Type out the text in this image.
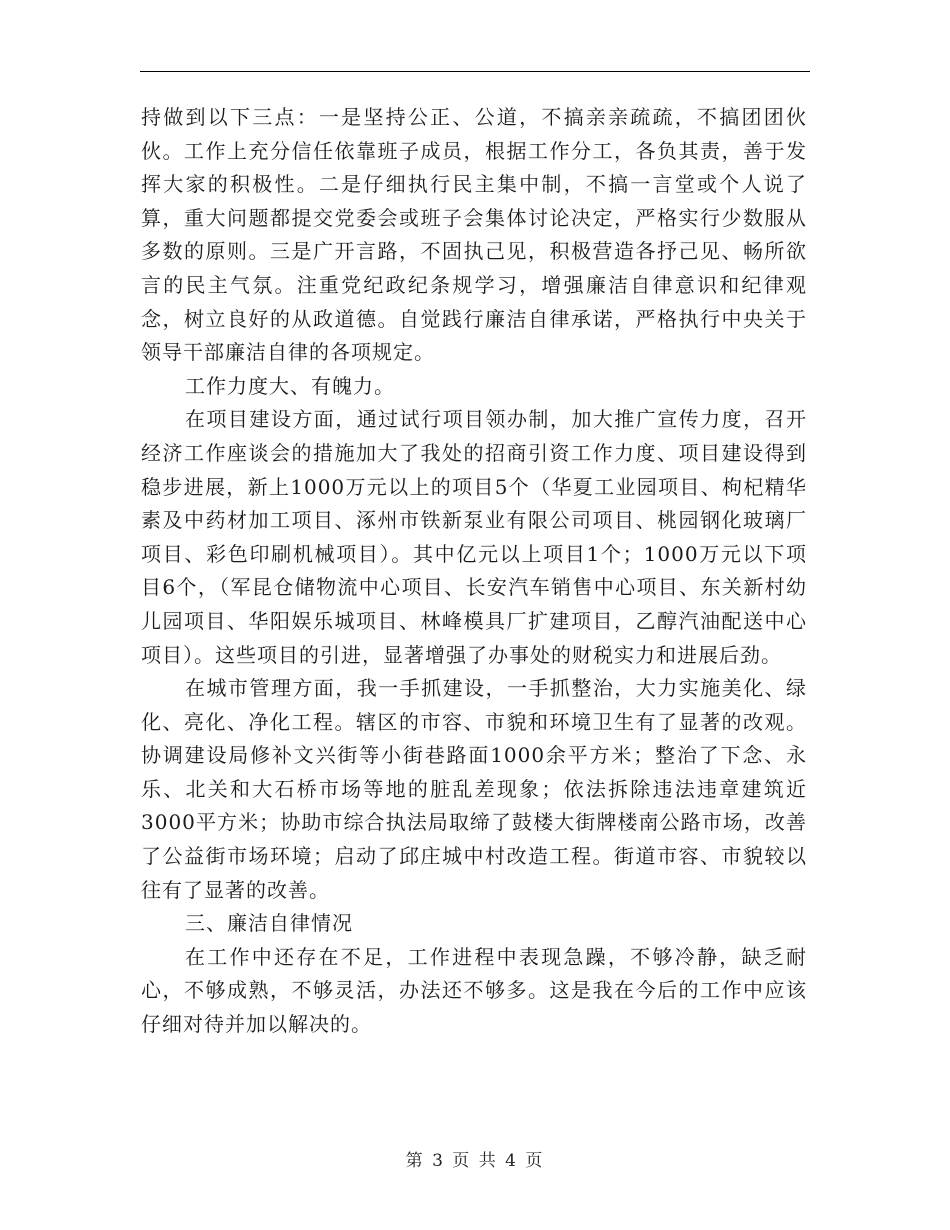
持做到以下三点：一是坚持公正、公道，不搞亲亲疏疏，不搞团团伙伙。工作上充分信任依靠班子成员，根据工作分工，各负其责，善于发挥大家的积极性。二是仔细执行民主集中制，不搞一言堂或个人说了算，重大问题都提交党委会或班子会集体讨论决定，严格实行少数服从多数的原则。三是广开言路，不固执己见，积极营造各抒己见、畅所欲言的民主气氛。注重党纪政纪条规学习，增强廉洁自律意识和纪律观念，树立良好的从政道德。自觉践行廉洁自律承诺，严格执行中央关于领导干部廉洁自律的各项规定。

工作力度大、有魄力。

在项目建设方面，通过试行项目领办制，加大推广宣传力度，召开经济工作座谈会的措施加大了我处的招商引资工作力度、项目建设得到稳步进展，新上1000万元以上的项目5个（华夏工业园项目、枸杞精华素及中药材加工项目、涿州市铁新泵业有限公司项目、桃园钢化玻璃厂项目、彩色印刷机械项目）。其中亿元以上项目1个；1000万元以下项目6个，（军昆仓储物流中心项目、长安汽车销售中心项目、东关新村幼儿园项目、华阳娱乐城项目、林峰模具厂扩建项目，乙醇汽油配送中心项目）。这些项目的引进，显著增强了办事处的财税实力和进展后劲。

在城市管理方面，我一手抓建设，一手抓整治，大力实施美化、绿化、亮化、净化工程。辖区的市容、市貌和环境卫生有了显著的改观。协调建设局修补文兴街等小街巷路面1000余平方米；整治了下念、永乐、北关和大石桥市场等地的脏乱差现象；依法拆除违法违章建筑近3000平方米；协助市综合执法局取缔了鼓楼大街牌楼南公路市场，改善了公益街市场环境；启动了邱庄城中村改造工程。街道市容、市貌较以往有了显著的改善。

三、廉洁自律情况

在工作中还存在不足，工作进程中表现急躁，不够冷静，缺乏耐心，不够成熟，不够灵活，办法还不够多。这是我在今后的工作中应该仔细对待并加以解决的。

第 3 页 共 4 页
